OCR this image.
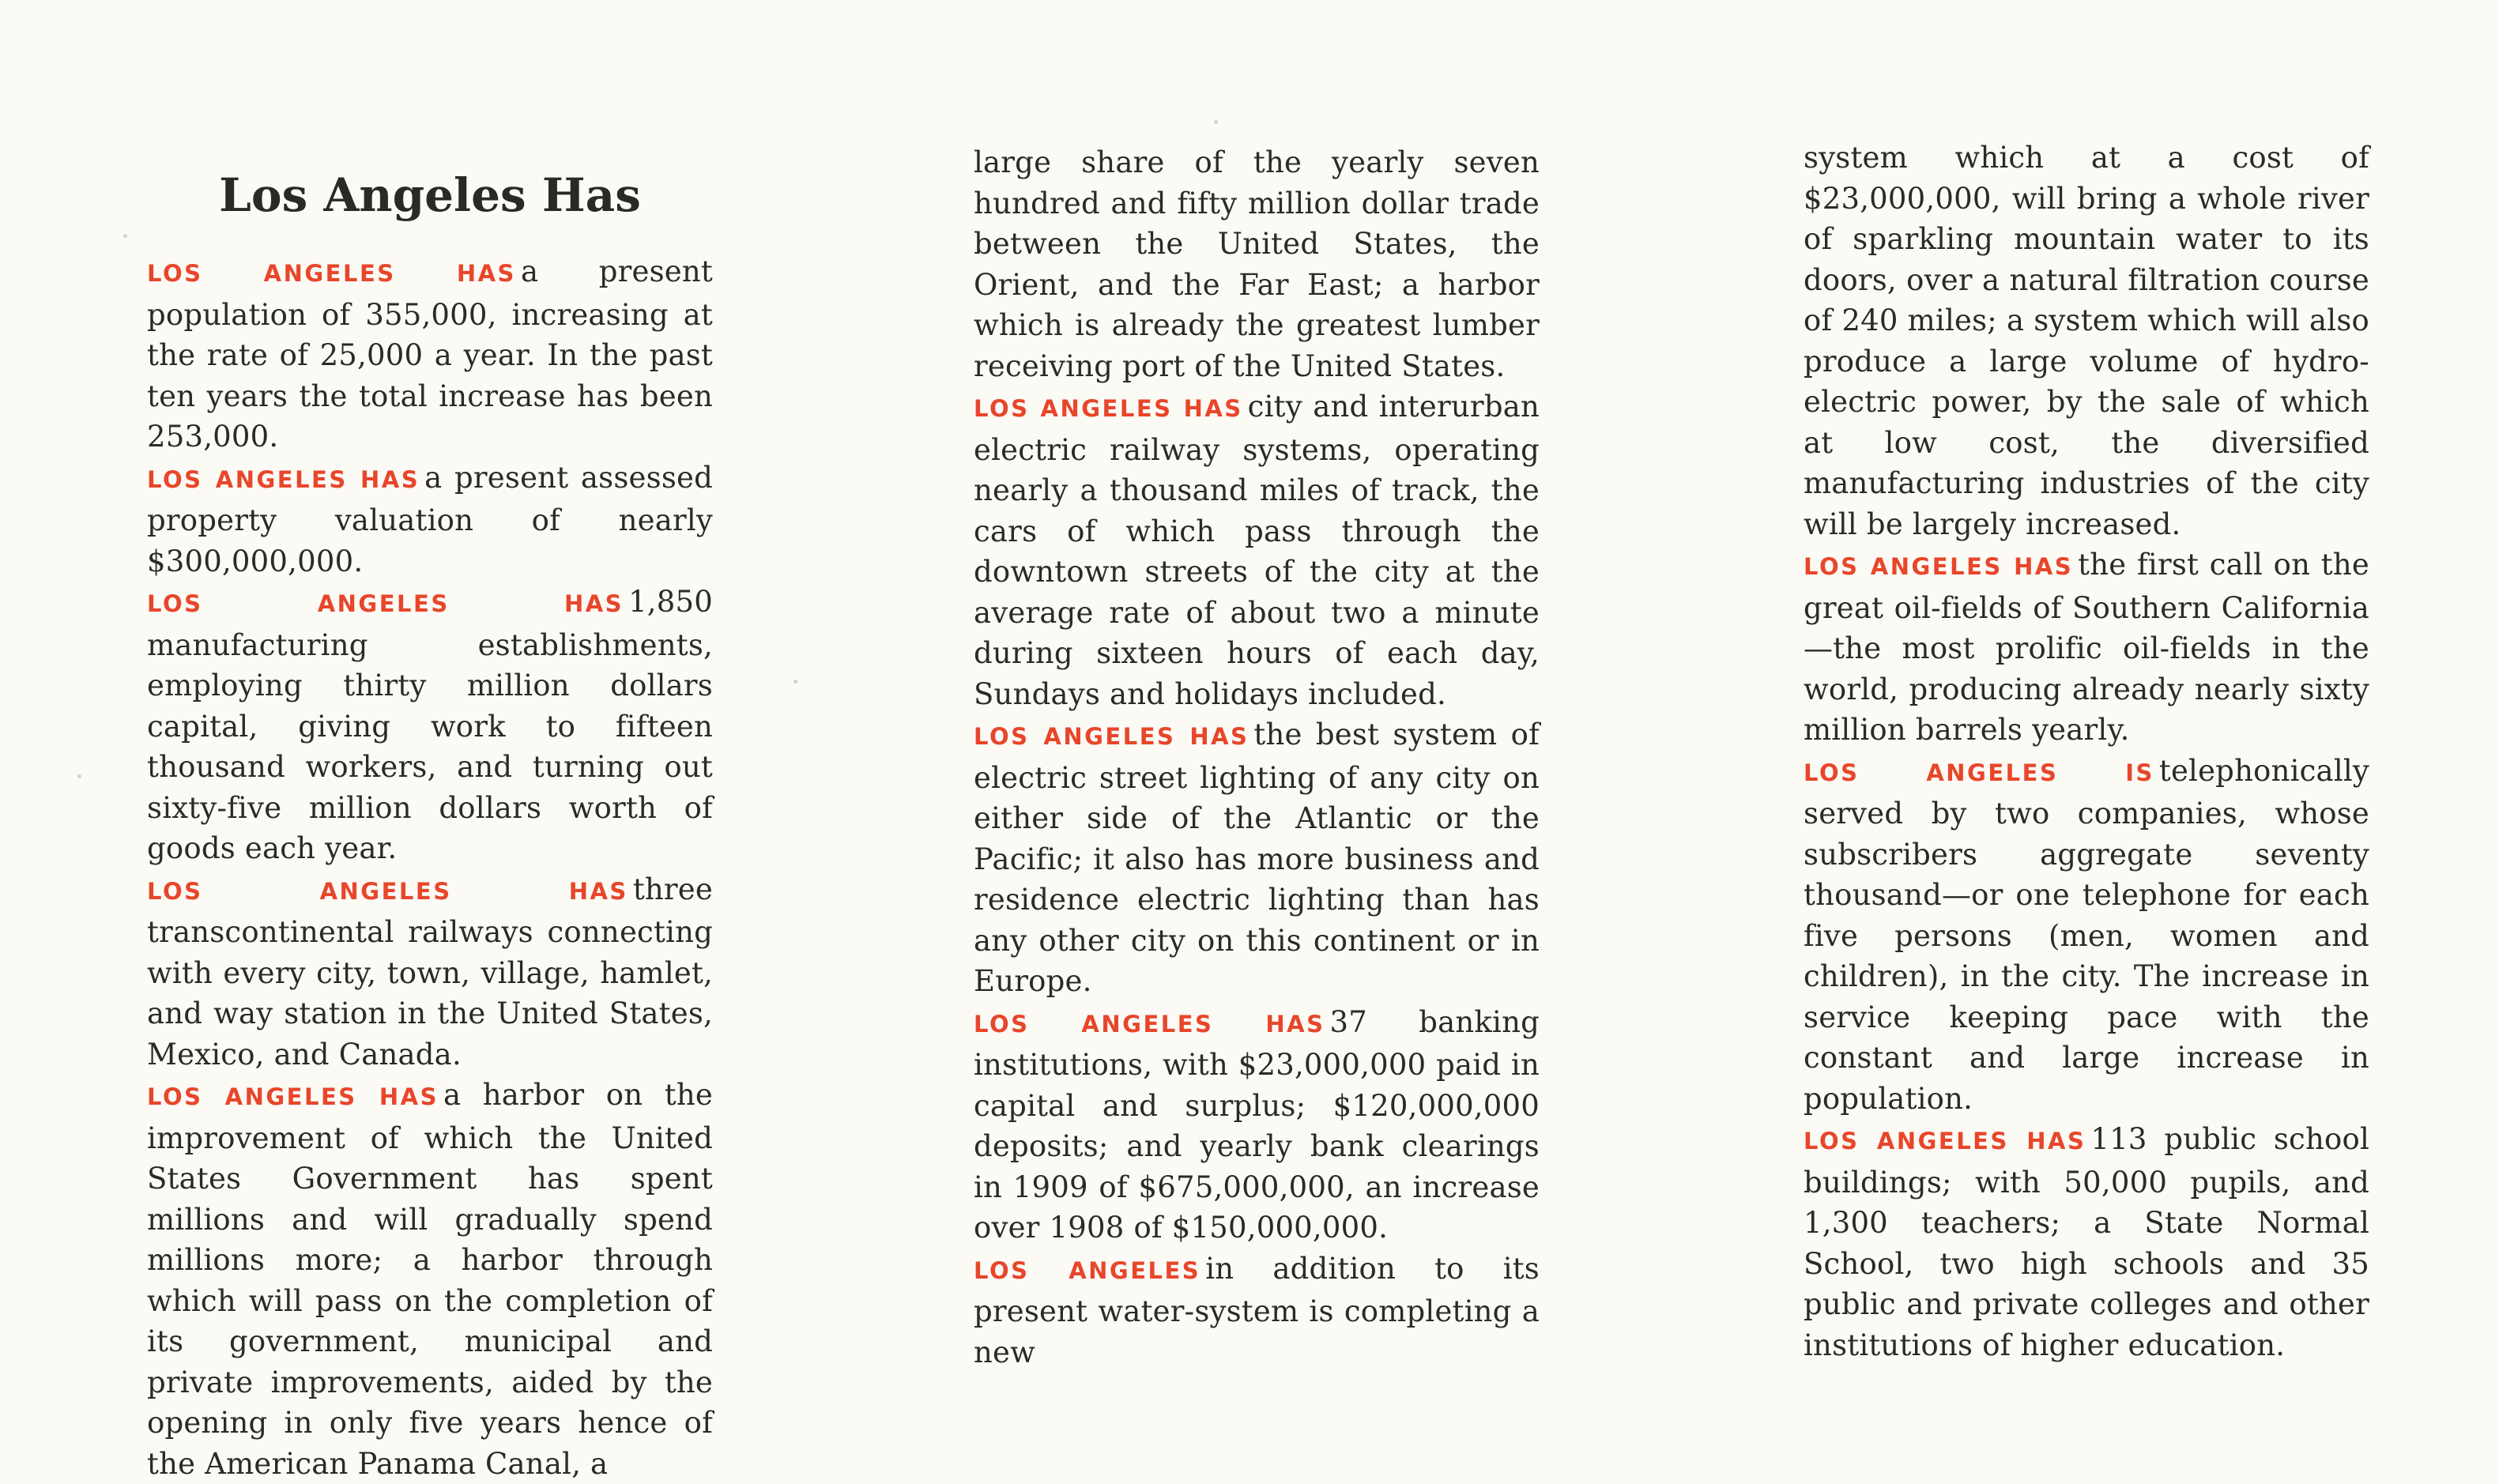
Los Angeles Has

LOS ANGELES HAS a present population of 355,000, increasing at the rate of 25,000 a year. In the past ten years the total increase has been 253,000.

LOS ANGELES HAS a present assessed property valuation of nearly $300,000,000.

LOS ANGELES HAS 1,850 manufacturing establishments, employing thirty million dollars capital, giving work to fifteen thousand workers, and turning out sixty-five million dollars worth of goods each year.

LOS ANGELES HAS three transcontinental railways connecting with every city, town, village, hamlet, and way station in the United States, Mexico, and Canada.

LOS ANGELES HAS a harbor on the improvement of which the United States Government has spent millions and will gradually spend millions more; a harbor through which will pass on the completion of its government, municipal and private improvements, aided by the opening in only five years hence of the American Panama Canal, a

large share of the yearly seven hundred and fifty million dollar trade between the United States, the Orient, and the Far East; a harbor which is already the greatest lumber receiving port of the United States.

LOS ANGELES HAS city and interurban electric railway systems, operating nearly a thousand miles of track, the cars of which pass through the downtown streets of the city at the average rate of about two a minute during sixteen hours of each day, Sundays and holidays included.

LOS ANGELES HAS the best system of electric street lighting of any city on either side of the Atlantic or the Pacific; it also has more business and residence electric lighting than has any other city on this continent or in Europe.

LOS ANGELES HAS 37 banking institutions, with $23,000,000 paid in capital and surplus; $120,000,000 deposits; and yearly bank clearings in 1909 of $675,000,000, an increase over 1908 of $150,000,000.

LOS ANGELES in addition to its present water-system is completing a new

system which at a cost of $23,000,000, will bring a whole river of sparkling mountain water to its doors, over a natural filtration course of 240 miles; a system which will also produce a large volume of hydro-electric power, by the sale of which at low cost, the diversified manufacturing industries of the city will be largely increased.

LOS ANGELES HAS the first call on the great oil-fields of Southern California —the most prolific oil-fields in the world, producing already nearly sixty million barrels yearly.

LOS ANGELES IS telephonically served by two companies, whose subscribers aggregate seventy thousand—or one telephone for each five persons (men, women and children), in the city. The increase in service keeping pace with the constant and large increase in population.

LOS ANGELES HAS 113 public school buildings; with 50,000 pupils, and 1,300 teachers; a State Normal School, two high schools and 35 public and private colleges and other institutions of higher education.
